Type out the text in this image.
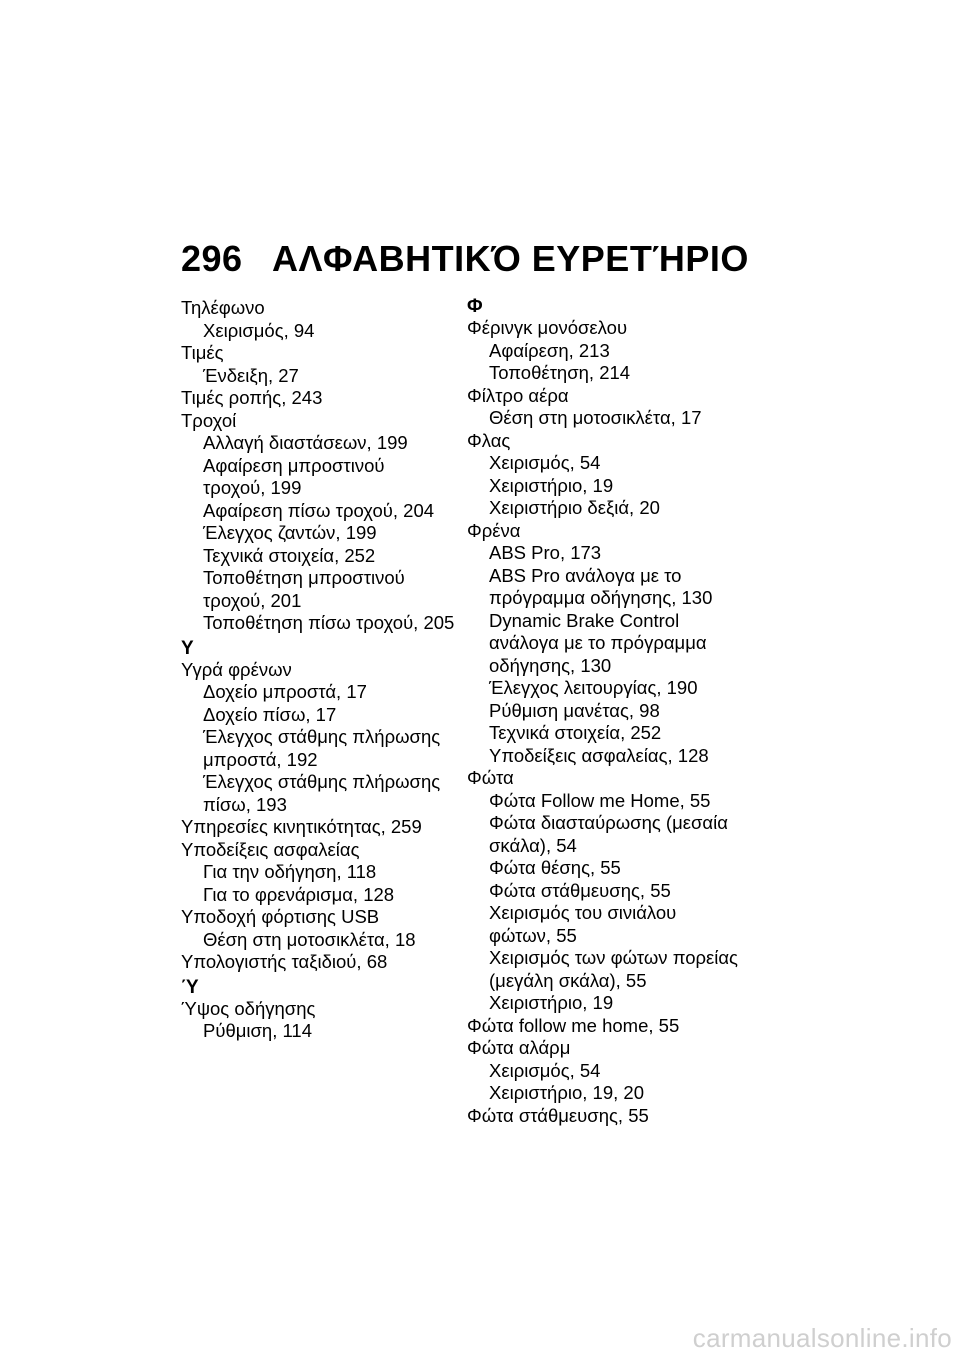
296 ΑΛΦΑΒΗΤΙΚΌ ΕΥΡΕΤΉΡΙΟ
Τηλέφωνο
Χειρισμός, 94
Τιμές
Ένδειξη, 27
Τιμές ροπής, 243
Τροχοί
Αλλαγή διαστάσεων, 199
Αφαίρεση μπροστινού
τροχού, 199
Αφαίρεση πίσω τροχού, 204
Έλεγχος ζαντών, 199
Τεχνικά στοιχεία, 252
Τοποθέτηση μπροστινού
τροχού, 201
Τοποθέτηση πίσω τροχού, 205
Υ
Υγρά φρένων
Δοχείο μπροστά, 17
Δοχείο πίσω, 17
Έλεγχος στάθμης πλήρωσης
μπροστά, 192
Έλεγχος στάθμης πλήρωσης
πίσω, 193
Υπηρεσίες κινητικότητας, 259
Υποδείξεις ασφαλείας
Για την οδήγηση, 118
Για το φρενάρισμα, 128
Υποδοχή φόρτισης USB
Θέση στη μοτοσικλέτα, 18
Υπολογιστής ταξιδιού, 68
Ύ
Ύψος οδήγησης
Ρύθμιση, 114
Φ
Φέρινγκ μονόσελου
Αφαίρεση, 213
Τοποθέτηση, 214
Φίλτρο αέρα
Θέση στη μοτοσικλέτα, 17
Φλας
Χειρισμός, 54
Χειριστήριο, 19
Χειριστήριο δεξιά, 20
Φρένα
ABS Pro, 173
ABS Pro ανάλογα με το
πρόγραμμα οδήγησης, 130
Dynamic Brake Control
ανάλογα με το πρόγραμμα
οδήγησης, 130
Έλεγχος λειτουργίας, 190
Ρύθμιση μανέτας, 98
Τεχνικά στοιχεία, 252
Υποδείξεις ασφαλείας, 128
Φώτα
Φώτα Follow me Home, 55
Φώτα διασταύρωσης (μεσαία
σκάλα), 54
Φώτα θέσης, 55
Φώτα στάθμευσης, 55
Χειρισμός του σινιάλου
φώτων, 55
Χειρισμός των φώτων πορείας
(μεγάλη σκάλα), 55
Χειριστήριο, 19
Φώτα follow me home, 55
Φώτα αλάρμ
Χειρισμός, 54
Χειριστήριο, 19, 20
Φώτα στάθμευσης, 55
carmanualsonline.info
